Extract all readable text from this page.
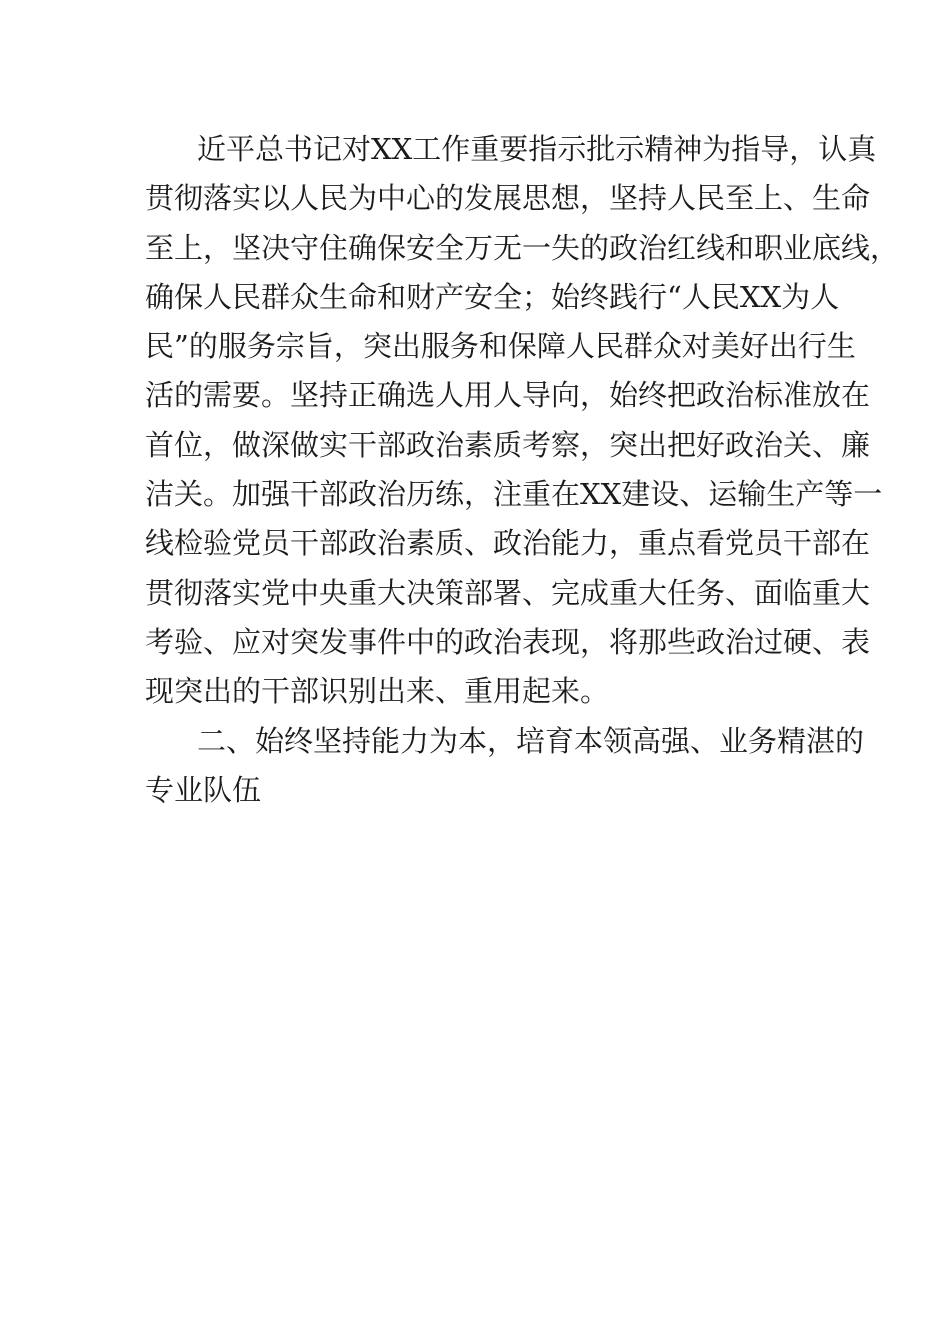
近平总书记对XX工作重要指示批示精神为指导，认真
贯彻落实以人民为中心的发展思想，坚持人民至上、生命
至上，坚决守住确保安全万无一失的政治红线和职业底线，
确保人民群众生命和财产安全；始终践行“人民XX为人
民”的服务宗旨，突出服务和保障人民群众对美好出行生
活的需要。坚持正确选人用人导向，始终把政治标准放在
首位，做深做实干部政治素质考察，突出把好政治关、廉
洁关。加强干部政治历练，注重在XX建设、运输生产等一
线检验党员干部政治素质、政治能力，重点看党员干部在
贯彻落实党中央重大决策部署、完成重大任务、面临重大
考验、应对突发事件中的政治表现，将那些政治过硬、表
现突出的干部识别出来、重用起来。
二、始终坚持能力为本，培育本领高强、业务精湛的
专业队伍
